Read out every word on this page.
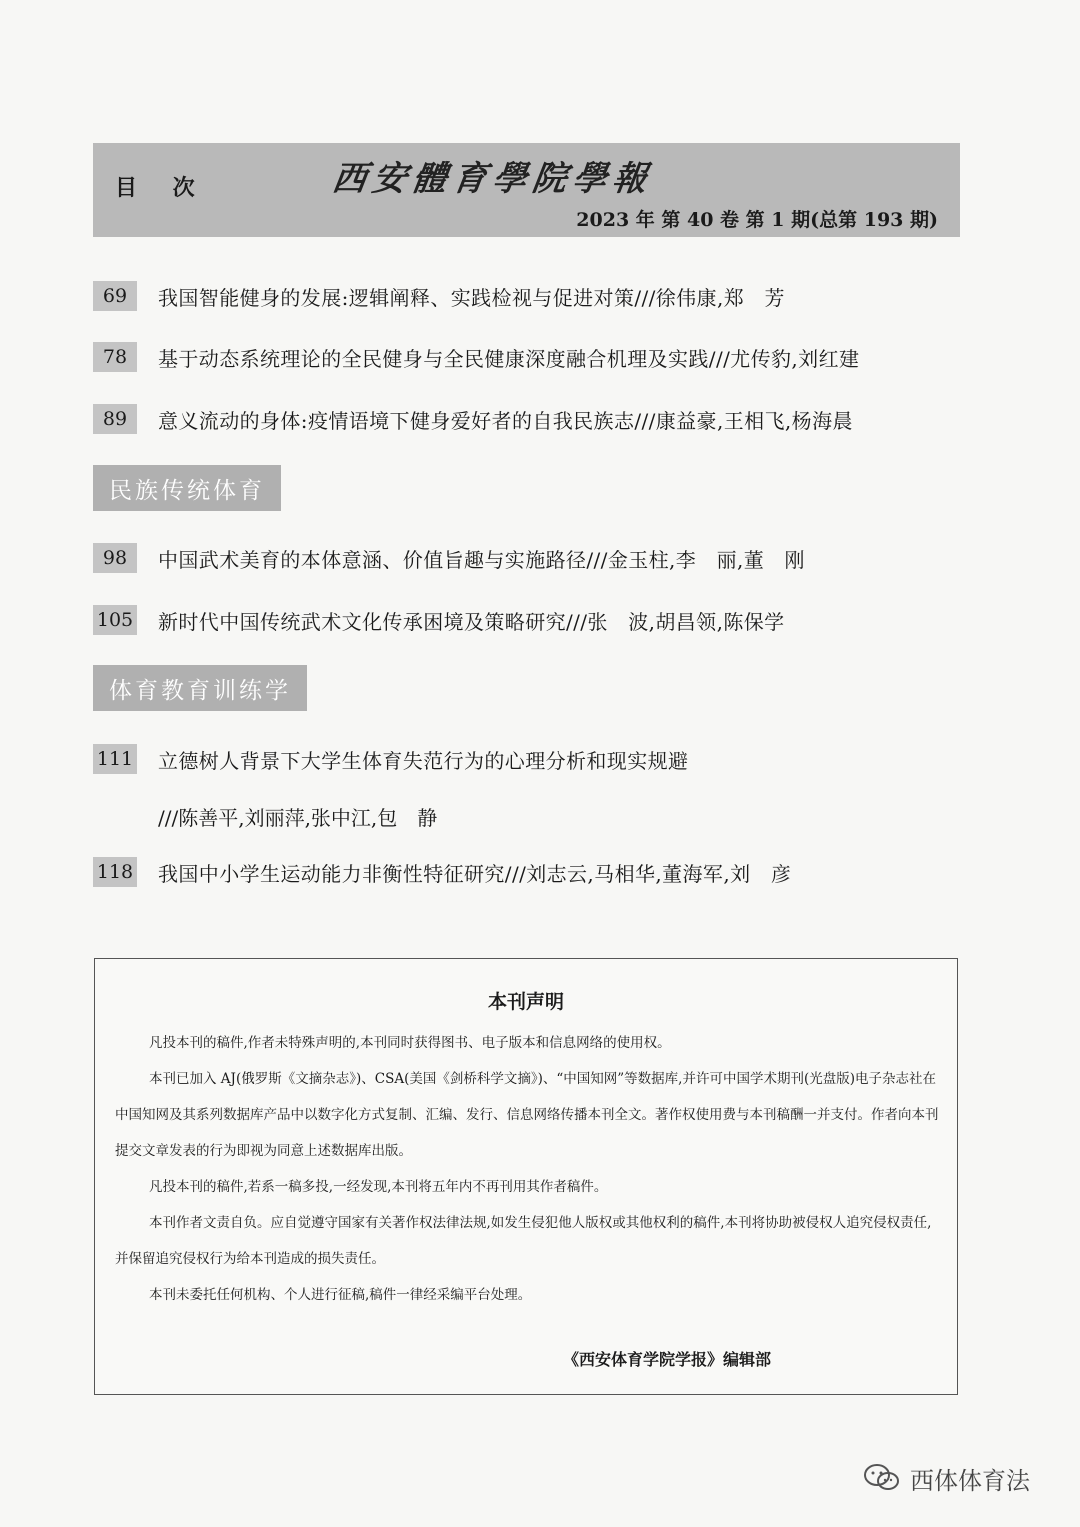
目 次	西安體育學院學報
2023 年 第 40 卷 第 1 期(总第 193 期)
69	我国智能健身的发展:逻辑阐释、实践检视与促进对策///徐伟康,郑　芳
78	基于动态系统理论的全民健身与全民健康深度融合机理及实践///尤传豹,刘红建
89	意义流动的身体:疫情语境下健身爱好者的自我民族志///康益豪,王相飞,杨海晨
民族传统体育
98	中国武术美育的本体意涵、价值旨趣与实施路径///金玉柱,李　丽,董　刚
105 新时代中国传统武术文化传承困境及策略研究///张　波,胡昌领,陈保学
体育教育训练学
111 立德树人背景下大学生体育失范行为的心理分析和现实规避
///陈善平,刘丽萍,张中江,包　静
118 我国中小学生运动能力非衡性特征研究///刘志云,马相华,董海军,刘　彦
本刊声明
凡投本刊的稿件,作者未特殊声明的,本刊同时获得图书、电子版本和信息网络的使用权。
本刊已加入 AJ(俄罗斯《文摘杂志》)、CSA(美国《剑桥科学文摘》)、“中国知网”等数据库,并许可中国学术期刊(光盘版)电子杂志社在中国知网及其系列数据库产品中以数字化方式复制、汇编、发行、信息网络传播本刊全文。著作权使用费与本刊稿酬一并支付。作者向本刊提交文章发表的行为即视为同意上述数据库出版。
凡投本刊的稿件,若系一稿多投,一经发现,本刊将五年内不再刊用其作者稿件。
本刊作者文责自负。应自觉遵守国家有关著作权法律法规,如发生侵犯他人版权或其他权利的稿件,本刊将协助被侵权人追究侵权责任,并保留追究侵权行为给本刊造成的损失责任。
本刊未委托任何机构、个人进行征稿,稿件一律经采编平台处理。
《西安体育学院学报》编辑部
西体体育法
